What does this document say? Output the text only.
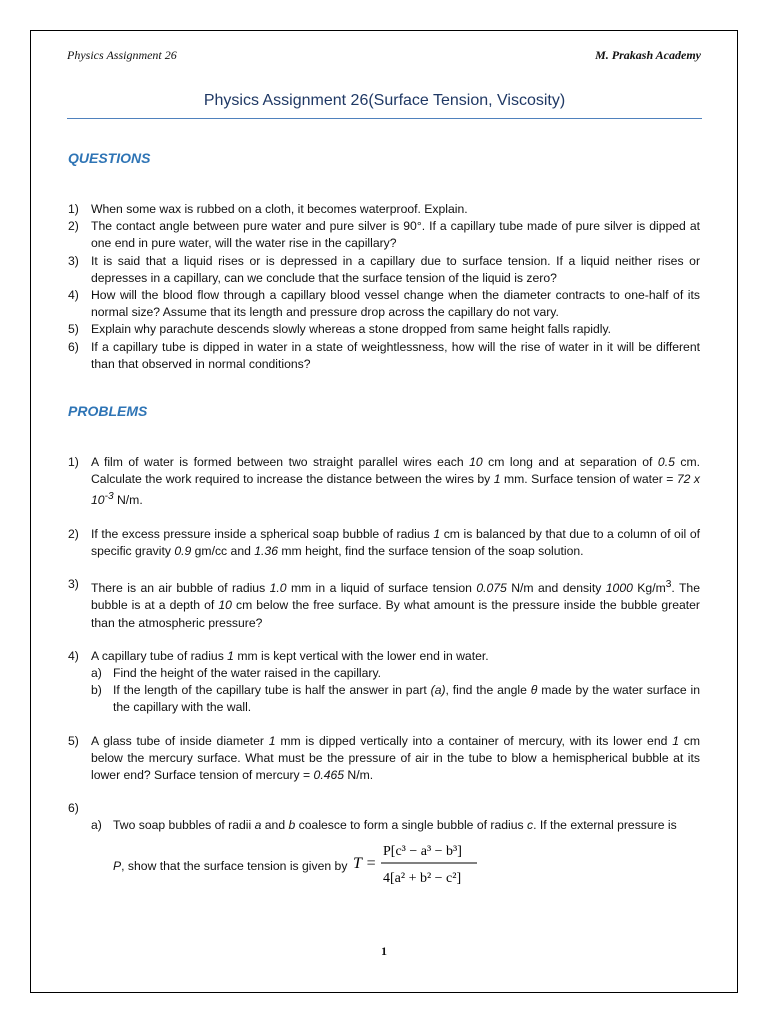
Physics Assignment 26	M. Prakash Academy
Physics Assignment 26(Surface Tension, Viscosity)
QUESTIONS
1) When some wax is rubbed on a cloth, it becomes waterproof. Explain.
2) The contact angle between pure water and pure silver is 90°. If a capillary tube made of pure silver is dipped at one end in pure water, will the water rise in the capillary?
3) It is said that a liquid rises or is depressed in a capillary due to surface tension. If a liquid neither rises or depresses in a capillary, can we conclude that the surface tension of the liquid is zero?
4) How will the blood flow through a capillary blood vessel change when the diameter contracts to one-half of its normal size? Assume that its length and pressure drop across the capillary do not vary.
5) Explain why parachute descends slowly whereas a stone dropped from same height falls rapidly.
6) If a capillary tube is dipped in water in a state of weightlessness, how will the rise of water in it will be different than that observed in normal conditions?
PROBLEMS
1) A film of water is formed between two straight parallel wires each 10 cm long and at separation of 0.5 cm. Calculate the work required to increase the distance between the wires by 1 mm. Surface tension of water = 72 x $10^{-3}$ N/m.
2) If the excess pressure inside a spherical soap bubble of radius 1 cm is balanced by that due to a column of oil of specific gravity 0.9 gm/cc and 1.36 mm height, find the surface tension of the soap solution.
3) There is an air bubble of radius 1.0 mm in a liquid of surface tension 0.075 N/m and density 1000 $Kg/m^3$. The bubble is at a depth of 10 cm below the free surface. By what amount is the pressure inside the bubble greater than the atmospheric pressure?
4) A capillary tube of radius 1 mm is kept vertical with the lower end in water.
a) Find the height of the water raised in the capillary.
b) If the length of the capillary tube is half the answer in part (a), find the angle θ made by the water surface in the capillary with the wall.
5) A glass tube of inside diameter 1 mm is dipped vertically into a container of mercury, with its lower end 1 cm below the mercury surface. What must be the pressure of air in the tube to blow a hemispherical bubble at its lower end? Surface tension of mercury = 0.465 N/m.
6)
a) Two soap bubbles of radii a and b coalesce to form a single bubble of radius c. If the external pressure is
P, show that the surface tension is given by T =
P[c³ − a³ − b³]
4[a² + b² − c²]
1
